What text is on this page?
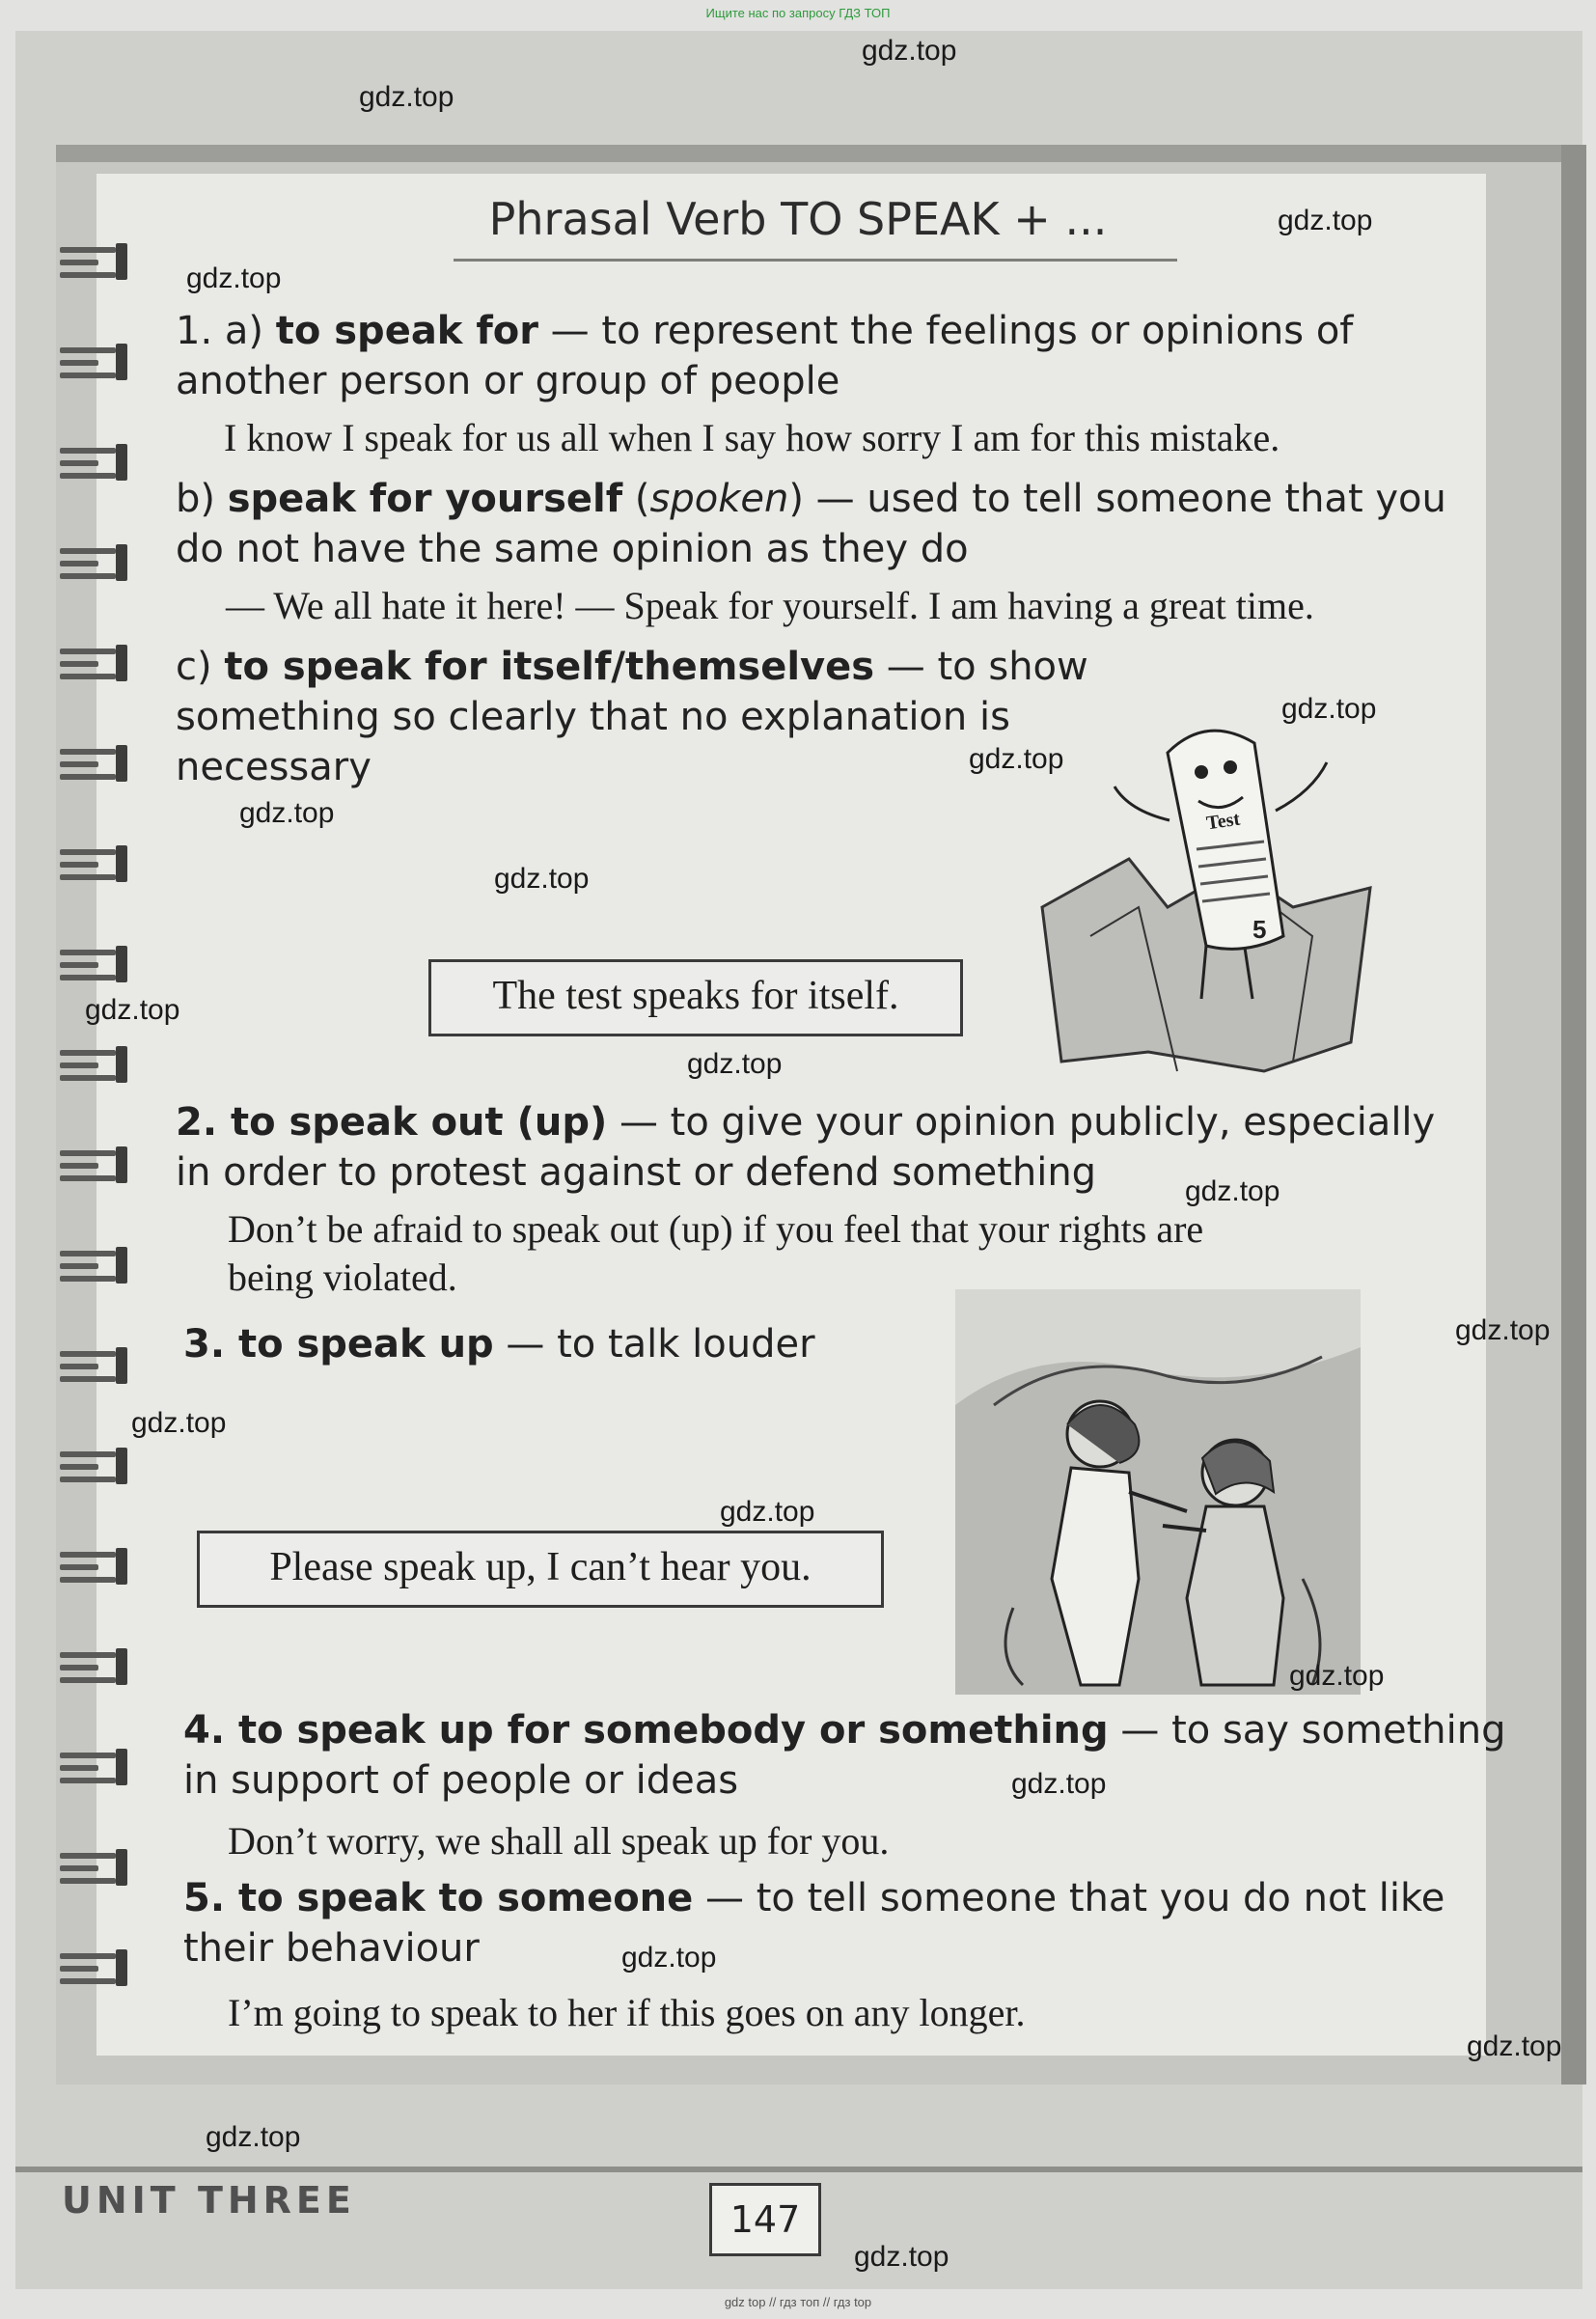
Ищите нас по запросу ГДЗ ТОП
Phrasal Verb TO SPEAK + ...
1. a) to speak for — to represent the feelings or opinions of
another person or group of people
I know I speak for us all when I say how sorry I am for this mistake.
b) speak for yourself (spoken) — used to tell someone that you
do not have the same opinion as they do
— We all hate it here! — Speak for yourself. I am having a great time.
c) to speak for itself/themselves — to show
something so clearly that no explanation is
necessary
The test speaks for itself.
Test
5
2. to speak out (up) — to give your opinion publicly, especially
in order to protest against or defend something
Don’t be afraid to speak out (up) if you feel that your rights are
being violated.
3. to speak up — to talk louder
Please speak up, I can’t hear you.
4. to speak up for somebody or something — to say something
in support of people or ideas
Don’t worry, we shall all speak up for you.
5. to speak to someone — to tell someone that you do not like
their behaviour
I’m going to speak to her if this goes on any longer.
UNIT THREE	147
gdz.top
gdz.top
gdz.top
gdz.top
gdz.top
gdz.top
gdz.top
gdz.top
gdz.top
gdz.top
gdz.top
gdz.top
gdz.top
gdz.top
gdz.top
gdz.top
gdz.top
gdz.top
gdz.top
gdz.top
gdz top // гдз топ // гдз top
